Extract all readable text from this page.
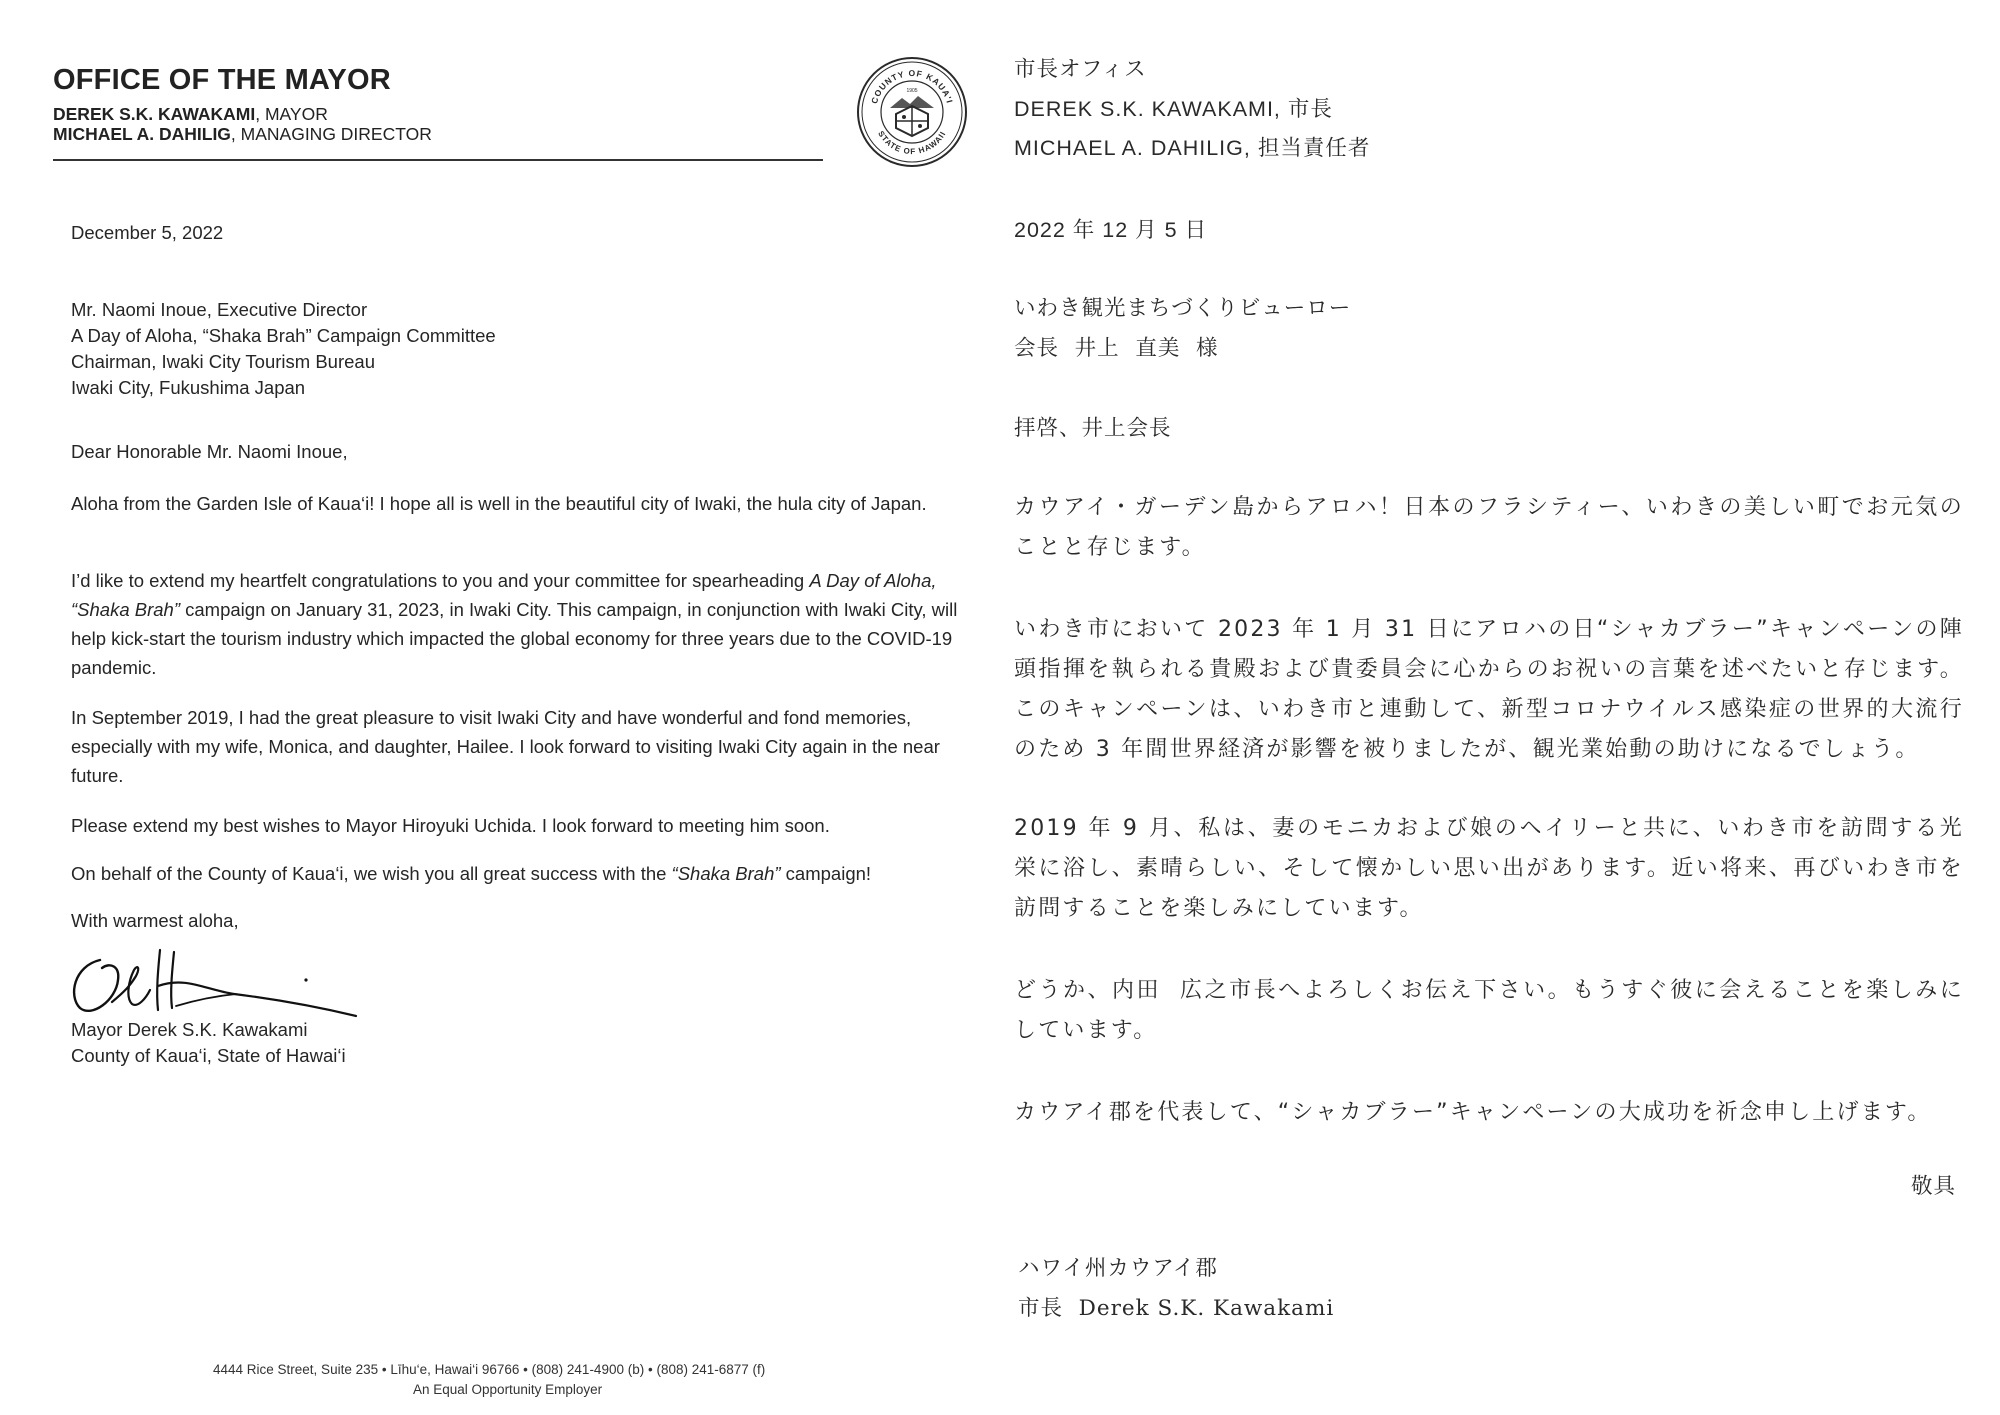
OFFICE OF THE MAYOR
DEREK S.K. KAWAKAMI, MAYOR
MICHAEL A. DAHILIG, MANAGING DIRECTOR
COUNTY OF KAUA'I
STATE OF HAWAII
1905
December 5, 2022
Mr. Naomi Inoue, Executive Director
A Day of Aloha, “Shaka Brah” Campaign Committee
Chairman, Iwaki City Tourism Bureau
Iwaki City, Fukushima Japan
Dear Honorable Mr. Naomi Inoue,
Aloha from the Garden Isle of Kaua‘i! I hope all is well in the beautiful city of Iwaki, the hula city of Japan.
I’d like to extend my heartfelt congratulations to you and your committee for spearheading A Day of Aloha, “Shaka Brah” campaign on January 31, 2023, in Iwaki City. This campaign, in conjunction with Iwaki City, will help kick-start the tourism industry which impacted the global economy for three years due to the COVID-19 pandemic.
In September 2019, I had the great pleasure to visit Iwaki City and have wonderful and fond memories, especially with my wife, Monica, and daughter, Hailee. I look forward to visiting Iwaki City again in the near future.
Please extend my best wishes to Mayor Hiroyuki Uchida. I look forward to meeting him soon.
On behalf of the County of Kaua‘i, we wish you all great success with the “Shaka Brah” campaign!
With warmest aloha,
Mayor Derek S.K. Kawakami
County of Kaua‘i, State of Hawai‘i
4444 Rice Street, Suite 235 • Līhu‘e, Hawai‘i 96766 • (808) 241-4900 (b) • (808) 241-6877 (f)
An Equal Opportunity Employer
市長オフィス
DEREK S.K. KAWAKAMI, 市長
MICHAEL A. DAHILIG, 担当責任者
2022 年 12 月 5 日
いわき観光まちづくりビューロー
会長  井上  直美  様
拝啓、井上会長
カウアイ・ガーデン島からアロハ！日本のフラシティー、いわきの美しい町でお元気のことと存じます。
いわき市において 2023 年 1 月 31 日にアロハの日“シャカブラー”キャンペーンの陣頭指揮を執られる貴殿および貴委員会に心からのお祝いの言葉を述べたいと存じます。このキャンペーンは、いわき市と連動して、新型コロナウイルス感染症の世界的大流行のため 3 年間世界経済が影響を被りましたが、観光業始動の助けになるでしょう。
2019 年 9 月、私は、妻のモニカおよび娘のヘイリーと共に、いわき市を訪問する光栄に浴し、素晴らしい、そして懐かしい思い出があります。近い将来、再びいわき市を訪問することを楽しみにしています。
どうか、内田  広之市長へよろしくお伝え下さい。もうすぐ彼に会えることを楽しみにしています。
カウアイ郡を代表して、“シャカブラー”キャンペーンの大成功を祈念申し上げます。
敬具
ハワイ州カウアイ郡
市長  Derek S.K. Kawakami
